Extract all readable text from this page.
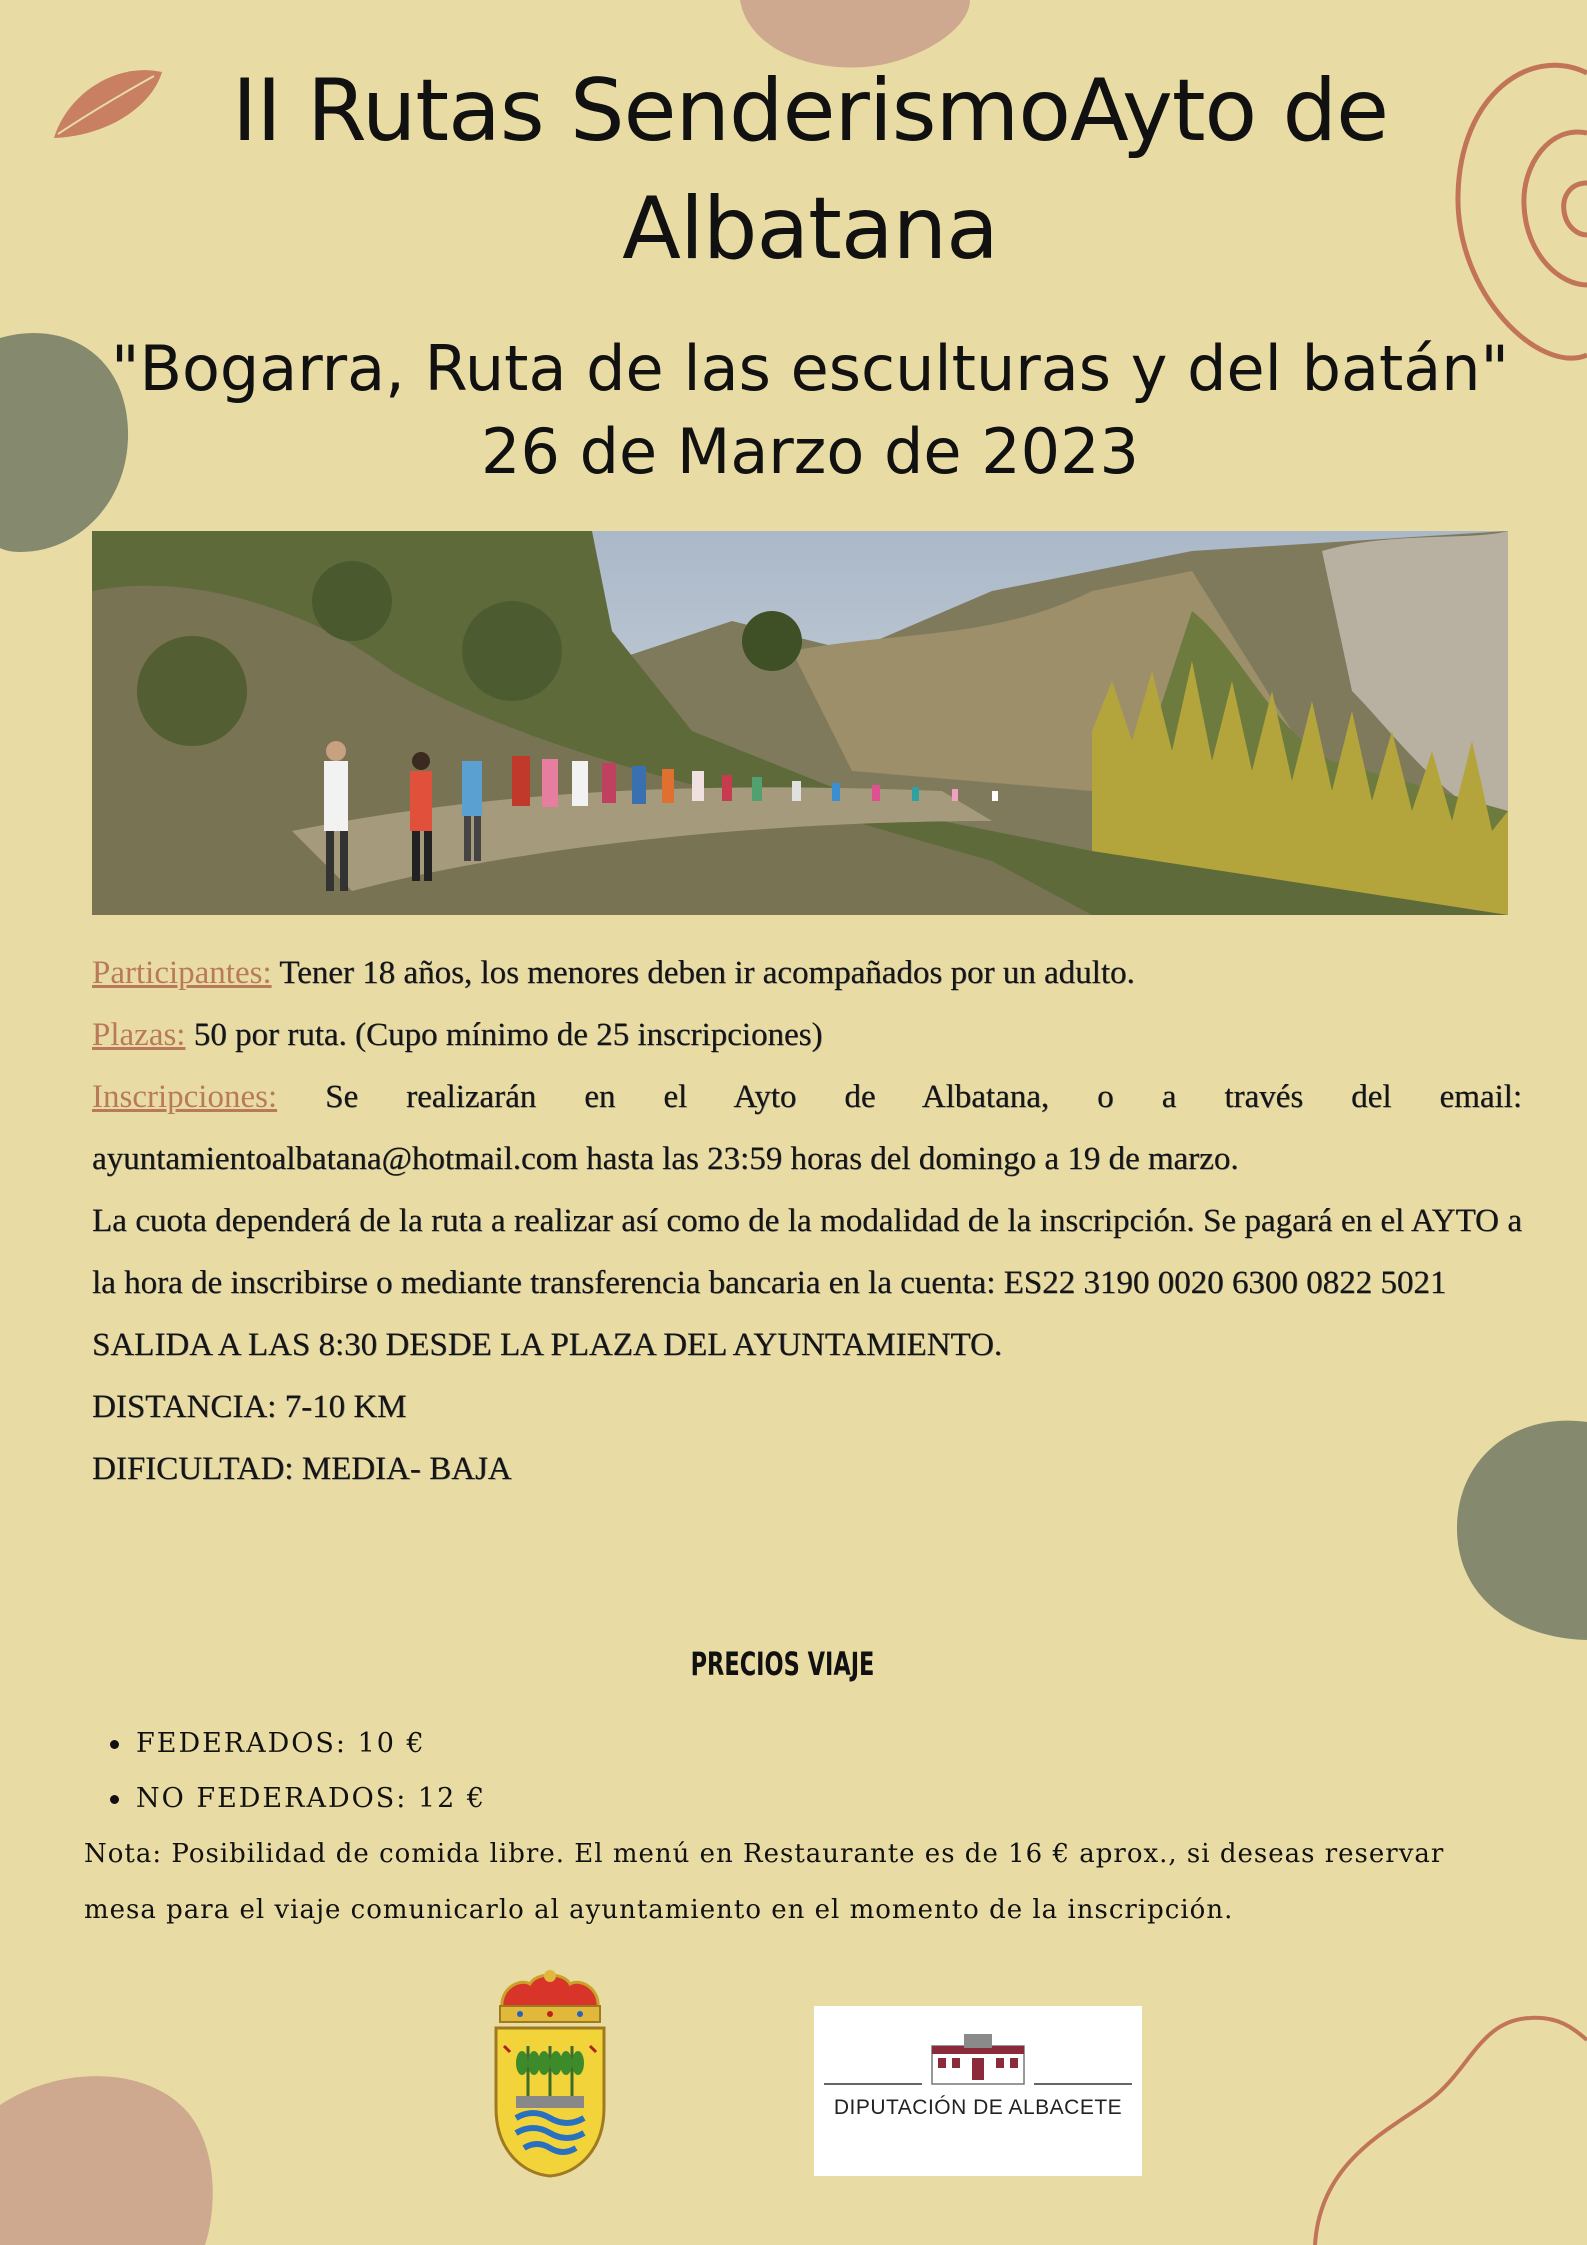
II Rutas SenderismoAyto de Albatana
"Bogarra, Ruta de las esculturas y del batán"
26 de Marzo de 2023

Participantes: Tener 18 años, los menores deben ir acompañados por un adulto.

Plazas: 50 por ruta. (Cupo mínimo de 25 inscripciones)

Inscripciones: Se realizarán en el Ayto de Albatana, o a través del email: ayuntamientoalbatana@hotmail.com hasta las 23:59 horas del domingo a 19 de marzo.

La cuota dependerá de la ruta a realizar así como de la modalidad de la inscripción. Se pagará en el AYTO a la hora de inscribirse o mediante transferencia bancaria en la cuenta: ES22 3190 0020 6300 0822 5021

SALIDA A LAS 8:30 DESDE LA PLAZA DEL AYUNTAMIENTO.

DISTANCIA: 7-10 KM

DIFICULTAD: MEDIA- BAJA

PRECIOS VIAJE
FEDERADOS: 10 €
NO FEDERADOS: 12 €
Nota: Posibilidad de comida libre. El menú en Restaurante es de 16 € aprox., si deseas reservar mesa para el viaje comunicarlo al ayuntamiento en el momento de la inscripción.
DIPUTACIÓN DE ALBACETE
